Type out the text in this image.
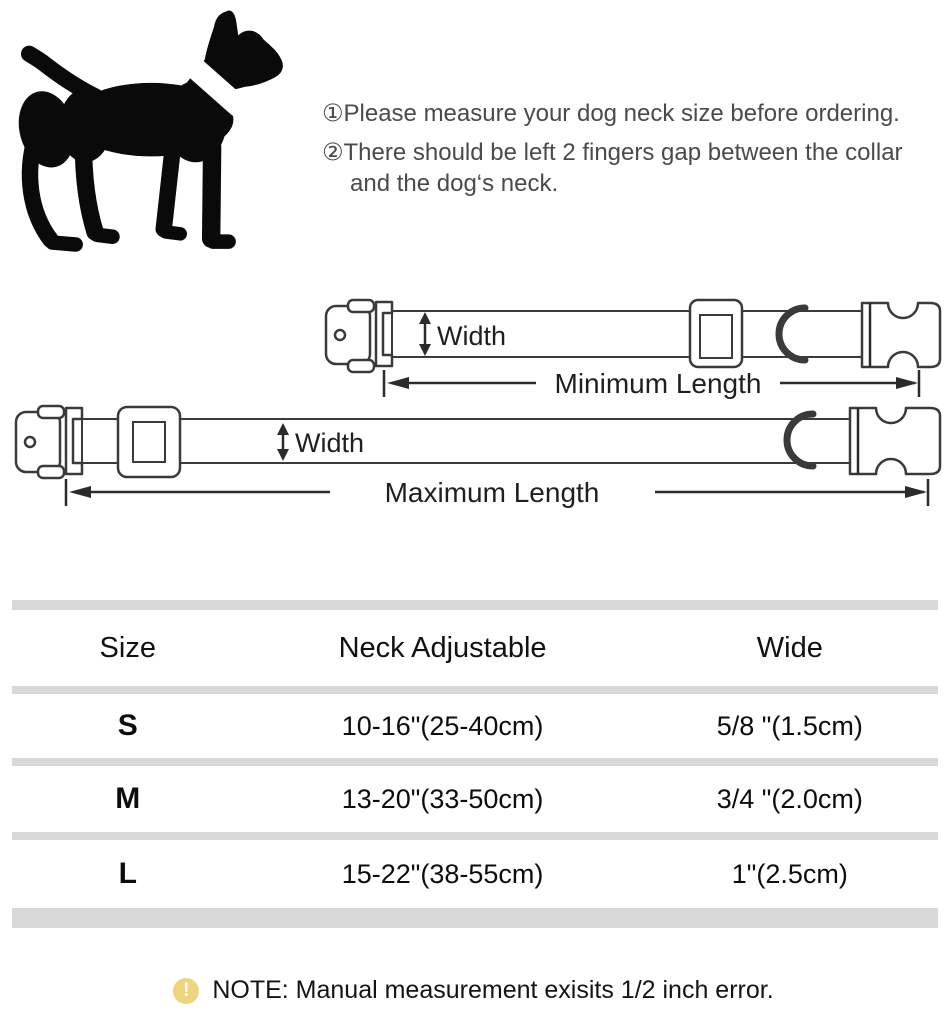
①Please measure your dog neck size before ordering.

②There should be left 2 fingers gap between the collar and the dog‘s neck.

Width
Minimum Length
Width
Maximum Length
Size	Neck Adjustable	Wide
S	10-16"(25-40cm)	5/8 "(1.5cm)
M	13-20"(33-50cm)	3/4 "(2.0cm)
L	15-22"(38-55cm)	1"(2.5cm)
! NOTE: Manual measurement exisits 1/2 inch error.
